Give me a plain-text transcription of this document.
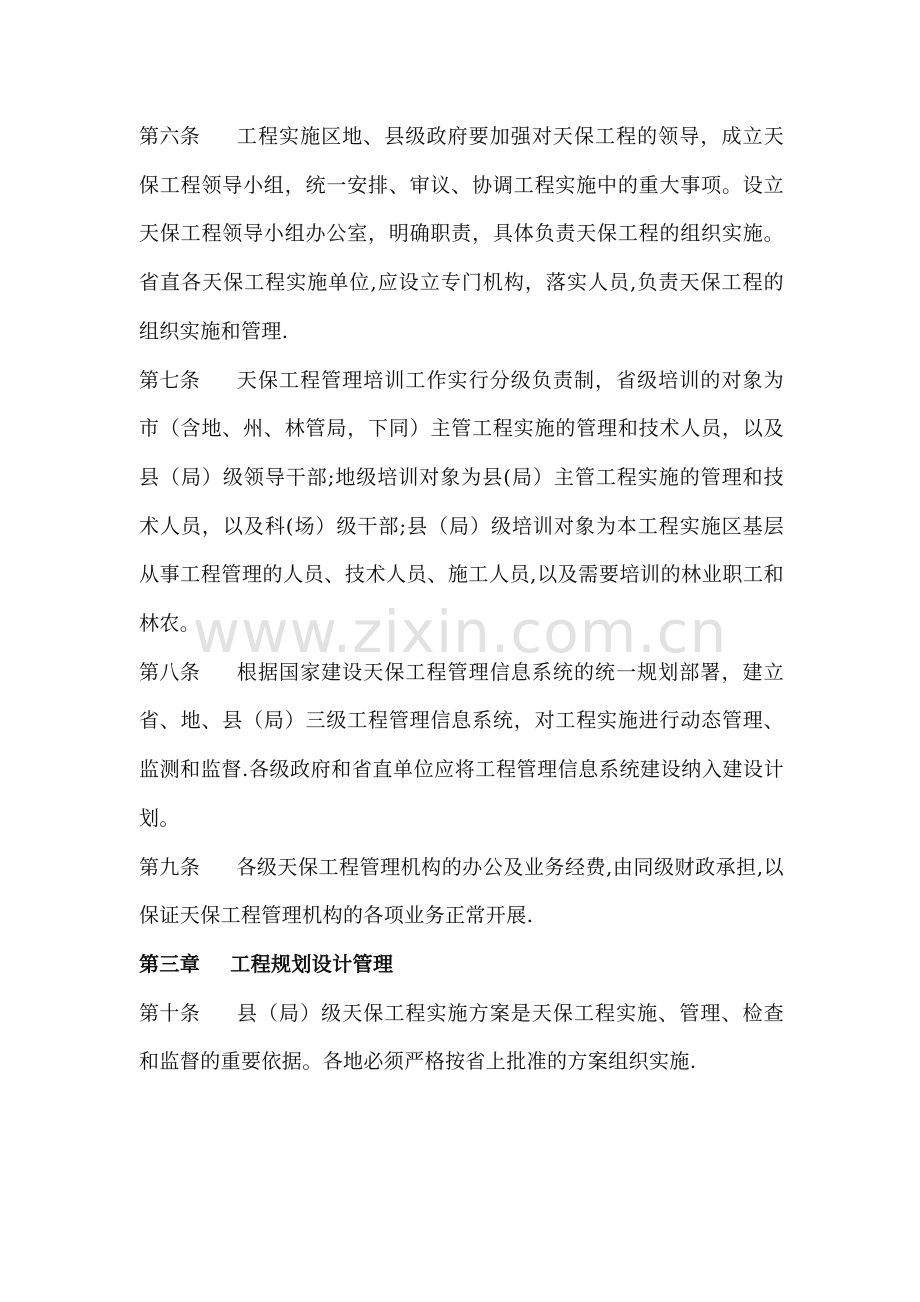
www.zixin.com.cn

第六条 工程实施区地、县级政府要加强对天保工程的领导，成立天保工程领导小组，统一安排、审议、协调工程实施中的重大事项。设立天保工程领导小组办公室，明确职责，具体负责天保工程的组织实施。省直各天保工程实施单位,应设立专门机构，落实人员,负责天保工程的组织实施和管理.

第七条 天保工程管理培训工作实行分级负责制，省级培训的对象为市（含地、州、林管局，下同）主管工程实施的管理和技术人员，以及县（局）级领导干部;地级培训对象为县(局）主管工程实施的管理和技术人员，以及科(场）级干部;县（局）级培训对象为本工程实施区基层从事工程管理的人员、技术人员、施工人员,以及需要培训的林业职工和林农。

第八条 根据国家建设天保工程管理信息系统的统一规划部署，建立省、地、县（局）三级工程管理信息系统，对工程实施进行动态管理、监测和监督.各级政府和省直单位应将工程管理信息系统建设纳入建设计划。

第九条 各级天保工程管理机构的办公及业务经费,由同级财政承担,以保证天保工程管理机构的各项业务正常开展.

第三章 工程规划设计管理

第十条 县（局）级天保工程实施方案是天保工程实施、管理、检查和监督的重要依据。各地必须严格按省上批准的方案组织实施.
